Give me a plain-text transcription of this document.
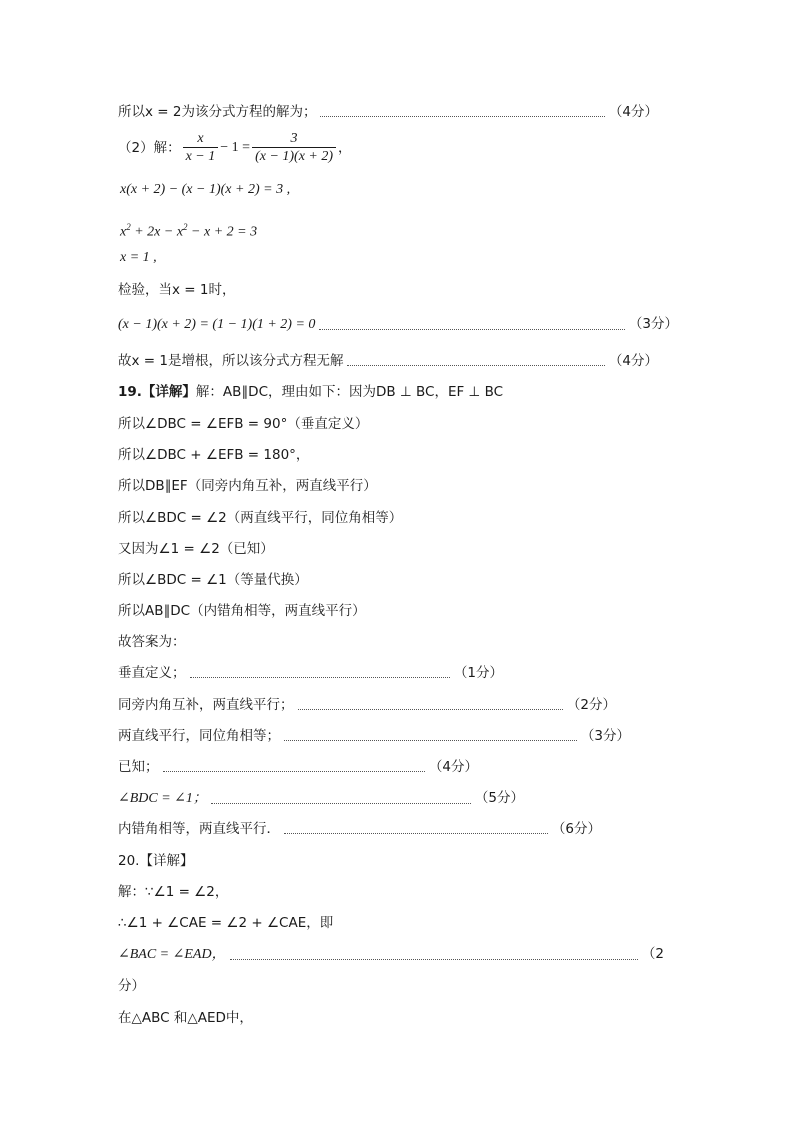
所以x = 2为该分式方程的解为；	（4分）
（2）解： $\frac{x}{x - 1} - 1 = \frac{3}{(x - 1)(x + 2)}$ ，
x(x + 2) − (x − 1)(x + 2) = 3 ,
$x^2 + 2x - x^2 - x + 2 = 3$
x = 1 ,
检验，当x = 1时，
(x − 1)(x + 2) = (1 − 1)(1 + 2) = 0	（3分）
故x = 1是增根，所以该分式方程无解	（4分）
19.【详解】解：AB∥DC，理由如下：因为DB ⊥ BC，EF ⊥ BC
所以∠DBC = ∠EFB = 90°（垂直定义）
所以∠DBC + ∠EFB = 180°，
所以DB∥EF（同旁内角互补，两直线平行）
所以∠BDC = ∠2（两直线平行，同位角相等）
又因为∠1 = ∠2（已知）
所以∠BDC = ∠1（等量代换）
所以AB∥DC（内错角相等，两直线平行）
故答案为：
垂直定义；	（1分）
同旁内角互补，两直线平行；	（2分）
两直线平行，同位角相等；	（3分）
已知；	（4分）
∠BDC = ∠1；	（5分）
内错角相等，两直线平行．	（6分）
20.【详解】
解：∵∠1 = ∠2，
∴∠1 + ∠CAE = ∠2 + ∠CAE，即
∠BAC = ∠EAD，	（2
分）
在△ABC 和△AED中，
